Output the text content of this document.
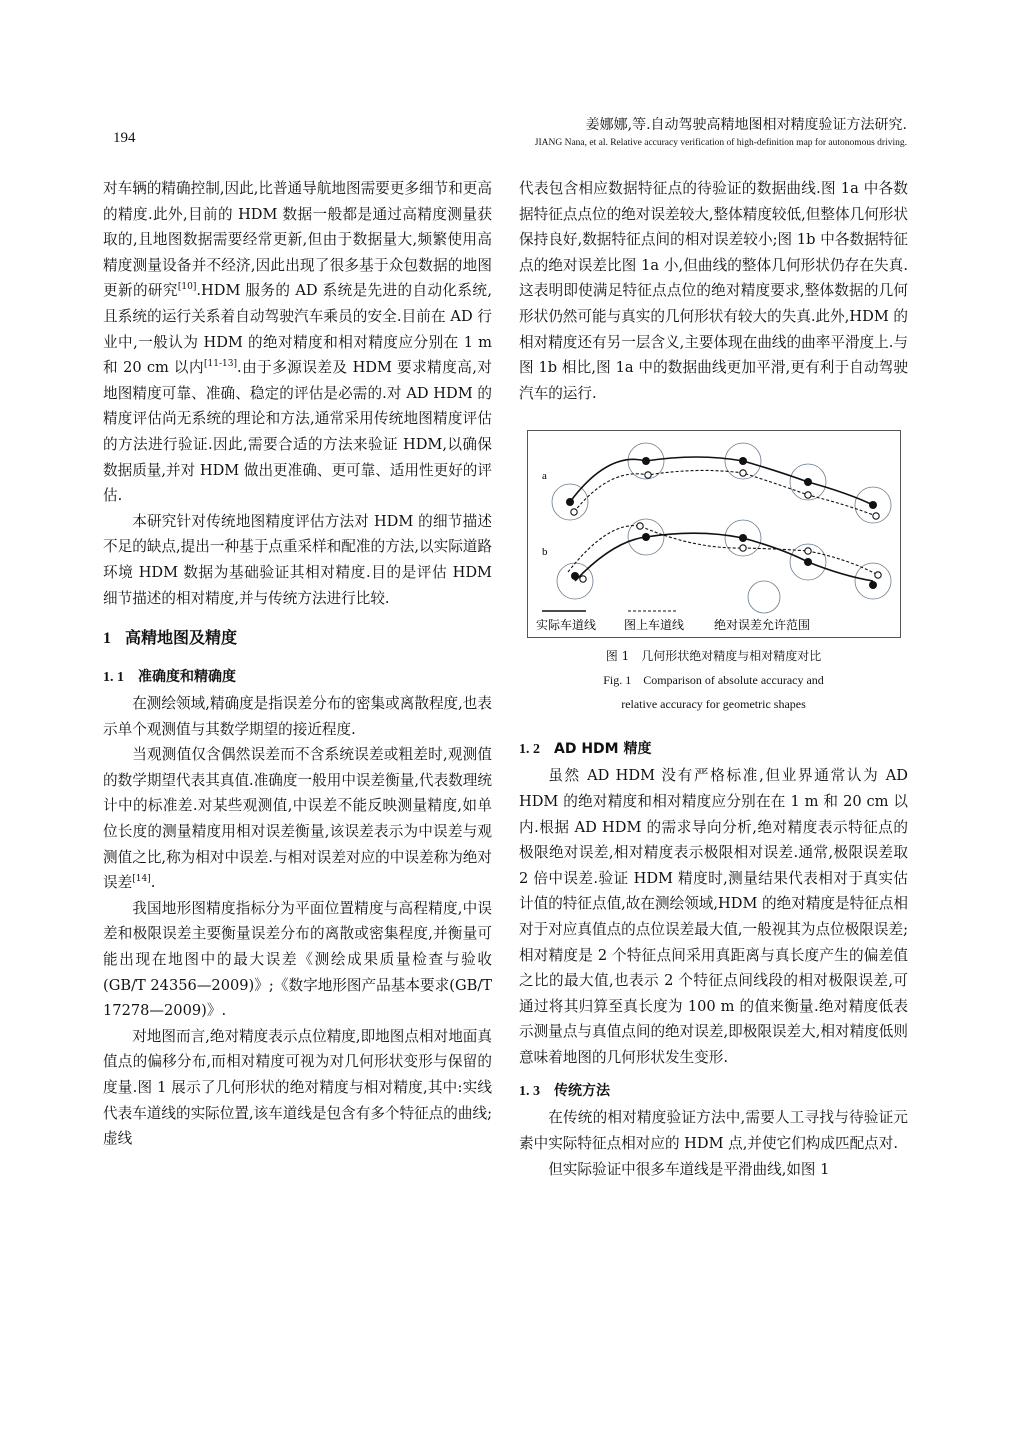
194
姜娜娜,等.自动驾驶高精地图相对精度验证方法研究.
JIANG Nana, et al. Relative accuracy verification of high-definition map for autonomous driving.

对车辆的精确控制,因此,比普通导航地图需要更多细节和更高的精度.此外,目前的 HDM 数据一般都是通过高精度测量获取的,且地图数据需要经常更新,但由于数据量大,频繁使用高精度测量设备并不经济,因此出现了很多基于众包数据的地图更新的研究[10].HDM 服务的 AD 系统是先进的自动化系统,且系统的运行关系着自动驾驶汽车乘员的安全.目前在 AD 行业中,一般认为 HDM 的绝对精度和相对精度应分别在 1 m 和 20 cm 以内[11-13].由于多源误差及 HDM 要求精度高,对地图精度可靠、准确、稳定的评估是必需的.对 AD HDM 的精度评估尚无系统的理论和方法,通常采用传统地图精度评估的方法进行验证.因此,需要合适的方法来验证 HDM,以确保数据质量,并对 HDM 做出更准确、更可靠、适用性更好的评估.

本研究针对传统地图精度评估方法对 HDM 的细节描述不足的缺点,提出一种基于点重采样和配准的方法,以实际道路环境 HDM 数据为基础验证其相对精度.目的是评估 HDM 细节描述的相对精度,并与传统方法进行比较.

1 高精地图及精度
1. 1 准确度和精确度

在测绘领域,精确度是指误差分布的密集或离散程度,也表示单个观测值与其数学期望的接近程度.

当观测值仅含偶然误差而不含系统误差或粗差时,观测值的数学期望代表其真值.准确度一般用中误差衡量,代表数理统计中的标准差.对某些观测值,中误差不能反映测量精度,如单位长度的测量精度用相对误差衡量,该误差表示为中误差与观测值之比,称为相对中误差.与相对误差对应的中误差称为绝对误差[14].

我国地形图精度指标分为平面位置精度与高程精度,中误差和极限误差主要衡量误差分布的离散或密集程度,并衡量可能出现在地图中的最大误差《测绘成果质量检查与验收(GB/T 24356—2009)》;《数字地形图产品基本要求(GB/T 17278—2009)》.

对地图而言,绝对精度表示点位精度,即地图点相对地面真值点的偏移分布,而相对精度可视为对几何形状变形与保留的度量.图 1 展示了几何形状的绝对精度与相对精度,其中:实线代表车道线的实际位置,该车道线是包含有多个特征点的曲线;虚线

代表包含相应数据特征点的待验证的数据曲线.图 1a 中各数据特征点点位的绝对误差较大,整体精度较低,但整体几何形状保持良好,数据特征点间的相对误差较小;图 1b 中各数据特征点的绝对误差比图 1a 小,但曲线的整体几何形状仍存在失真.这表明即使满足特征点点位的绝对精度要求,整体数据的几何形状仍然可能与真实的几何形状有较大的失真.此外,HDM 的相对精度还有另一层含义,主要体现在曲线的曲率平滑度上.与图 1b 相比,图 1a 中的数据曲线更加平滑,更有利于自动驾驶汽车的运行.

a
b
实际车道线 图上车道线 绝对误差允许范围
图 1　几何形状绝对精度与相对精度对比
Fig. 1　Comparison of absolute accuracy and
relative accuracy for geometric shapes
1. 2 AD HDM 精度

虽然 AD HDM 没有严格标准,但业界通常认为 AD HDM 的绝对精度和相对精度应分别在在 1 m 和 20 cm 以内.根据 AD HDM 的需求导向分析,绝对精度表示特征点的极限绝对误差,相对精度表示极限相对误差.通常,极限误差取 2 倍中误差.验证 HDM 精度时,测量结果代表相对于真实估计值的特征点值,故在测绘领域,HDM 的绝对精度是特征点相对于对应真值点的点位误差最大值,一般视其为点位极限误差;相对精度是 2 个特征点间采用真距离与真长度产生的偏差值之比的最大值,也表示 2 个特征点间线段的相对极限误差,可通过将其归算至真长度为 100 m 的值来衡量.绝对精度低表示测量点与真值点间的绝对误差,即极限误差大,相对精度低则意味着地图的几何形状发生变形.

1. 3 传统方法

在传统的相对精度验证方法中,需要人工寻找与待验证元素中实际特征点相对应的 HDM 点,并使它们构成匹配点对.

但实际验证中很多车道线是平滑曲线,如图 1
